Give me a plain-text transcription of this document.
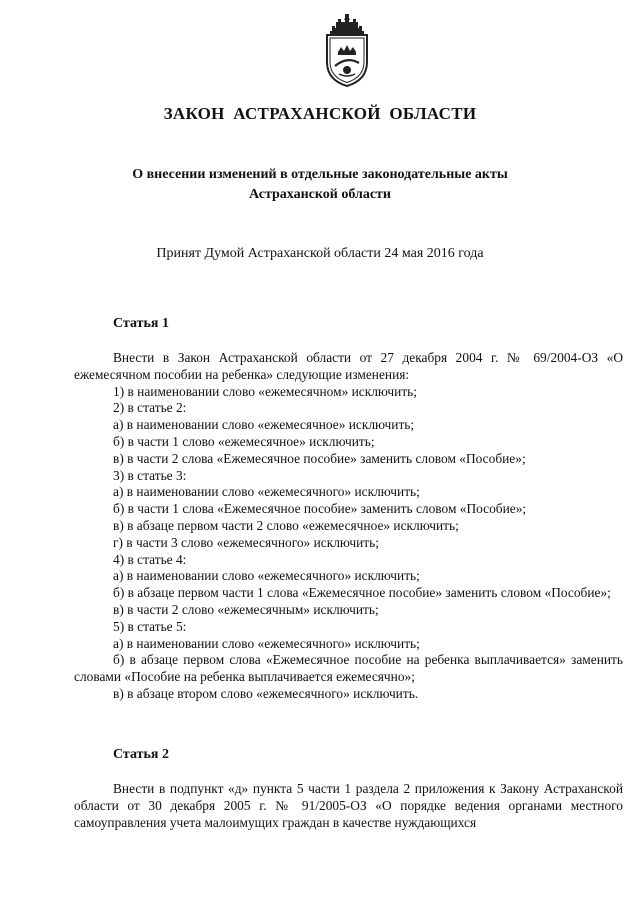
ЗАКОН АСТРАХАНСКОЙ ОБЛАСТИ
О внесении изменений в отдельные законодательные акты
Астраханской области
Принят Думой Астраханской области 24 мая 2016 года
Статья 1

Внести в Закон Астраханской области от 27 декабря 2004 г. № 69/2004-ОЗ «О ежемесячном пособии на ребенка» следующие изменения:

1) в наименовании слово «ежемесячном» исключить;

2) в статье 2:

а) в наименовании слово «ежемесячное» исключить;

б) в части 1 слово «ежемесячное» исключить;

в) в части 2 слова «Ежемесячное пособие» заменить словом «Пособие»;

3) в статье 3:

а) в наименовании слово «ежемесячного» исключить;

б) в части 1 слова «Ежемесячное пособие» заменить словом «Пособие»;

в) в абзаце первом части 2 слово «ежемесячное» исключить;

г) в части 3 слово «ежемесячного» исключить;

4) в статье 4:

а) в наименовании слово «ежемесячного» исключить;

б) в абзаце первом части 1 слова «Ежемесячное пособие» заменить словом «Пособие»;

в) в части 2 слово «ежемесячным» исключить;

5) в статье 5:

а) в наименовании слово «ежемесячного» исключить;

б) в абзаце первом слова «Ежемесячное пособие на ребенка выплачивается» заменить словами «Пособие на ребенка выплачивается ежемесячно»;

в) в абзаце втором слово «ежемесячного» исключить.

Статья 2

Внести в подпункт «д» пункта 5 части 1 раздела 2 приложения к Закону Астраханской области от 30 декабря 2005 г. № 91/2005-ОЗ «О порядке ведения органами местного самоуправления учета малоимущих граждан в качестве нуждающихся
